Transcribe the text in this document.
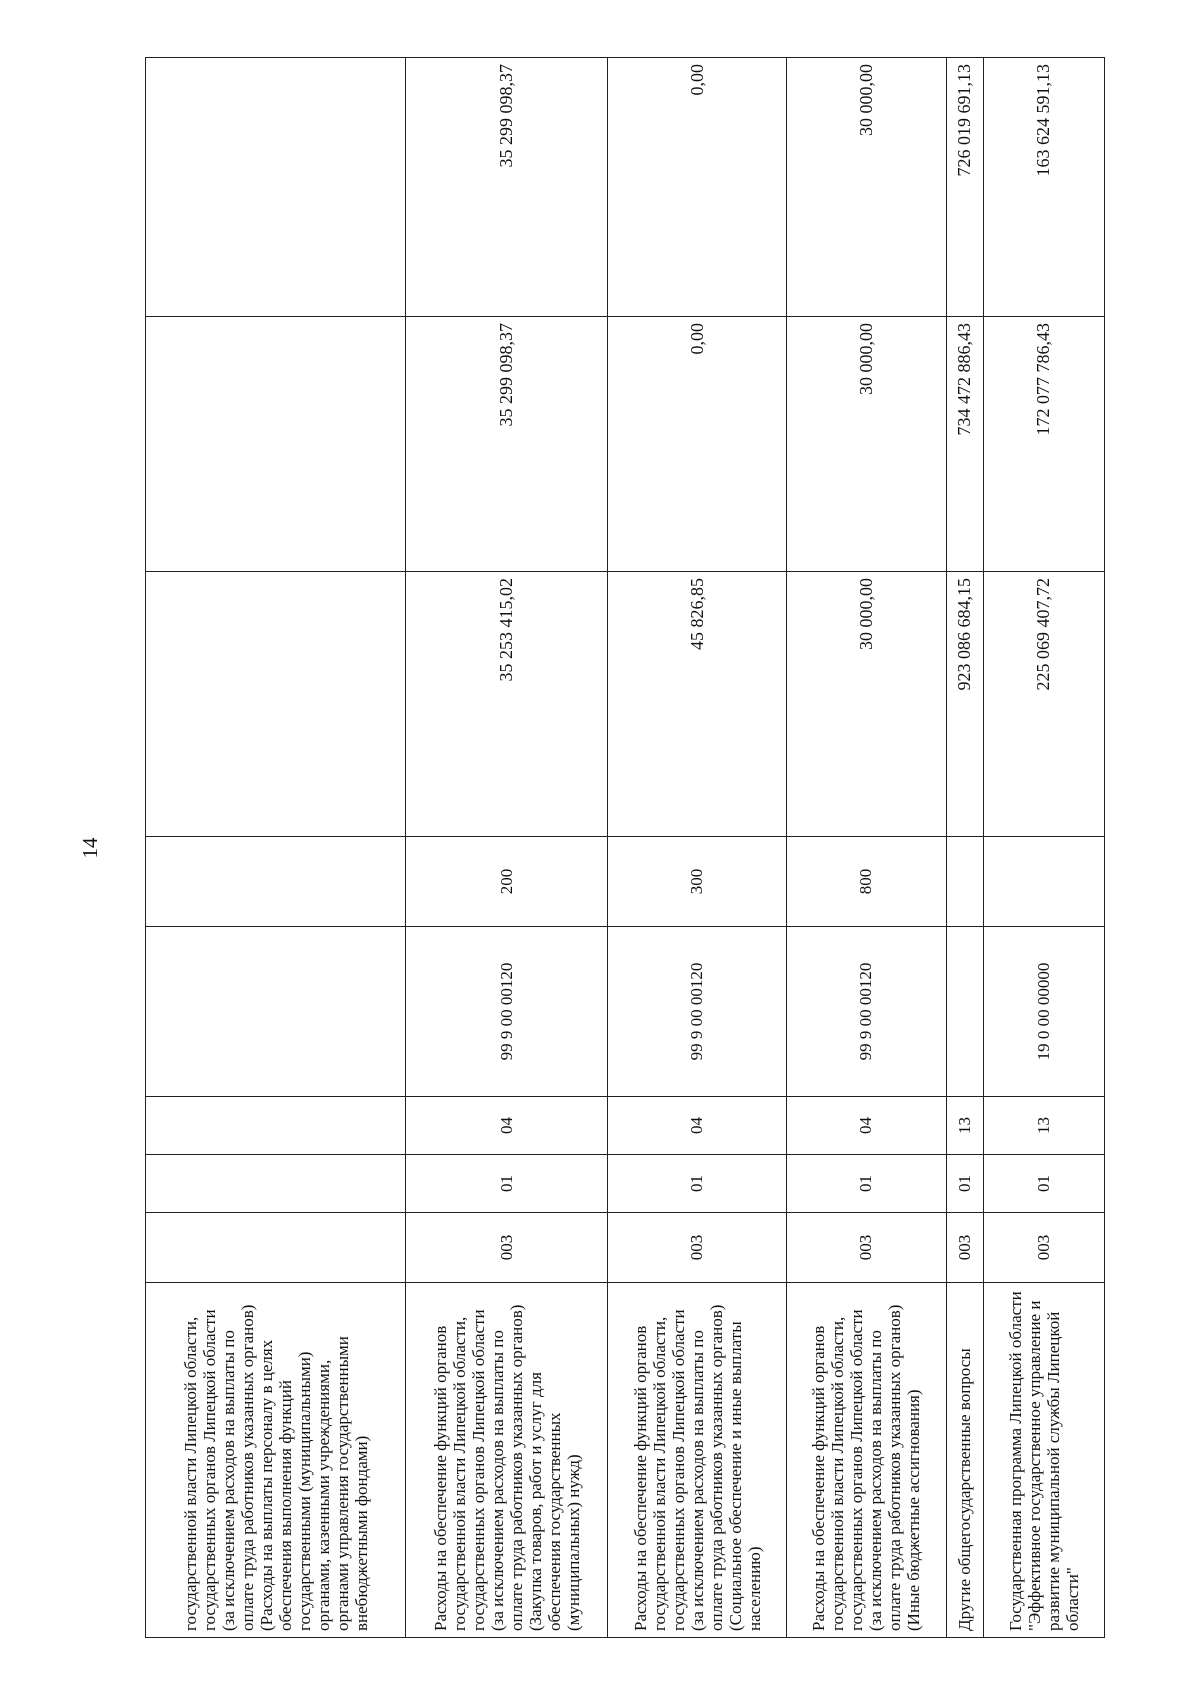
14
государственной власти Липецкой области, государственных органов Липецкой области (за исключением расходов на выплаты по оплате труда работников указанных органов) (Расходы на выплаты персоналу в целях обеспечения выполнения функций государственными (муниципальными) органами, казенными учреждениями, органами управления государственными внебюджетными фондами)								
Расходы на обеспечение функций органов государственной власти Липецкой области, государственных органов Липецкой области (за исключением расходов на выплаты по оплате труда работников указанных органов) (Закупка товаров, работ и услуг для обеспечения государственных (муниципальных) нужд)	003	01	04	99 9 00 00120	200	35 253 415,02	35 299 098,37	35 299 098,37
Расходы на обеспечение функций органов государственной власти Липецкой области, государственных органов Липецкой области (за исключением расходов на выплаты по оплате труда работников указанных органов) (Социальное обеспечение и иные выплаты населению)	003	01	04	99 9 00 00120	300	45 826,85	0,00	0,00
Расходы на обеспечение функций органов государственной власти Липецкой области, государственных органов Липецкой области (за исключением расходов на выплаты по оплате труда работников указанных органов) (Иные бюджетные ассигнования)	003	01	04	99 9 00 00120	800	30 000,00	30 000,00	30 000,00
Другие общегосударственные вопросы	003	01	13			923 086 684,15	734 472 886,43	726 019 691,13
Государственная программа Липецкой области "Эффективное государственное управление и развитие муниципальной службы Липецкой области"	003	01	13	19 0 00 00000		225 069 407,72	172 077 786,43	163 624 591,13
